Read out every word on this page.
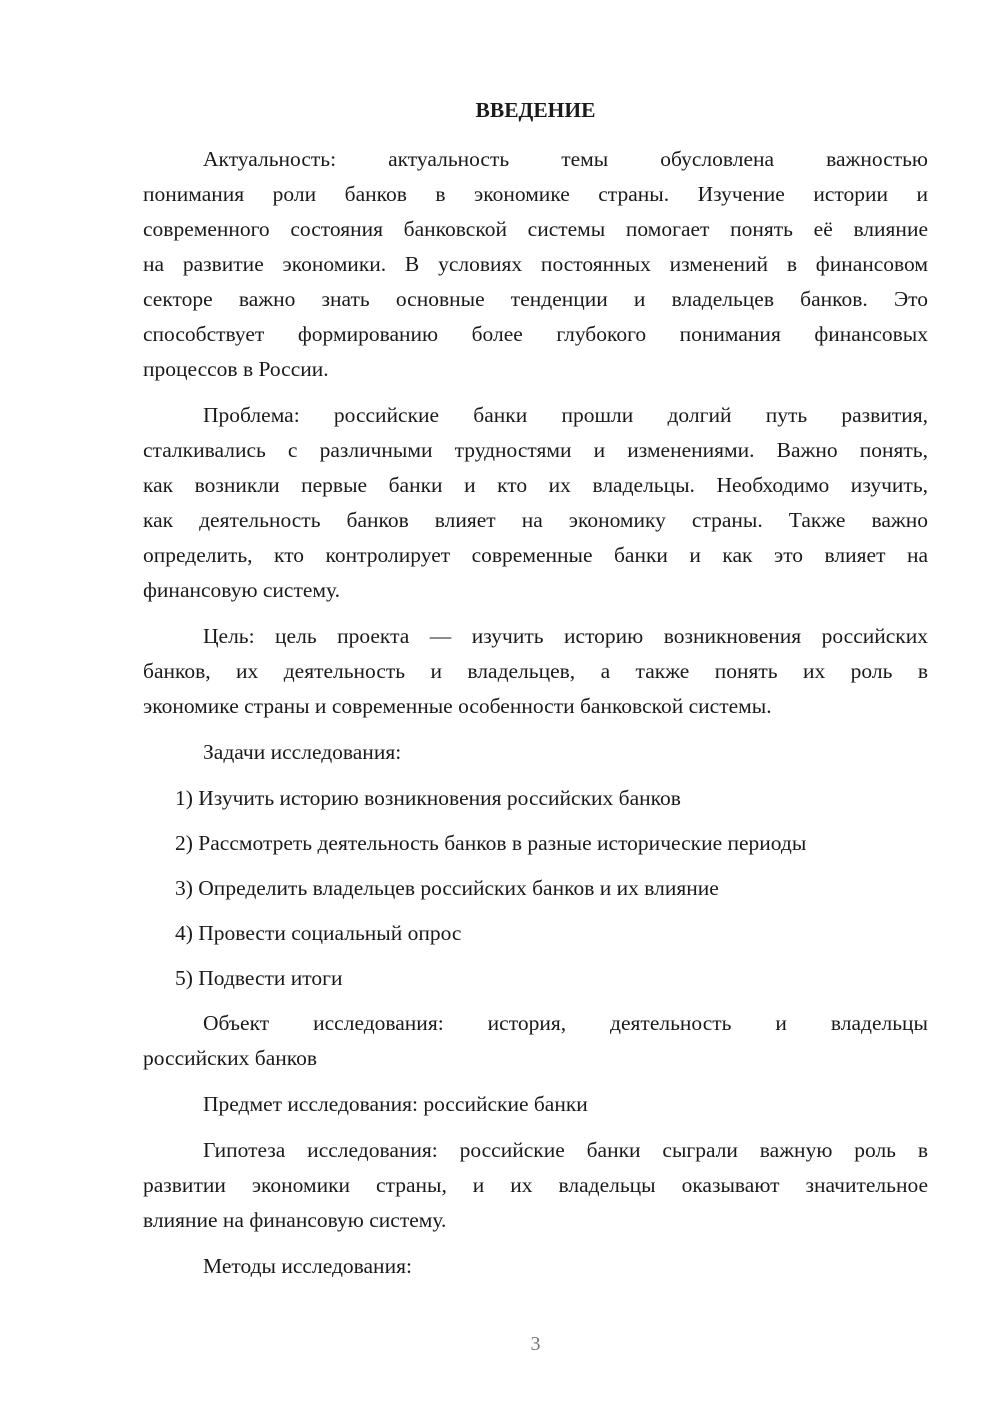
ВВЕДЕНИЕ
Актуальность: актуальность темы обусловлена важностью
понимания роли банков в экономике страны. Изучение истории и
современного состояния банковской системы помогает понять её влияние
на развитие экономики. В условиях постоянных изменений в финансовом
секторе важно знать основные тенденции и владельцев банков. Это
способствует формированию более глубокого понимания финансовых
процессов в России.
Проблема: российские банки прошли долгий путь развития,
сталкивались с различными трудностями и изменениями. Важно понять,
как возникли первые банки и кто их владельцы. Необходимо изучить,
как деятельность банков влияет на экономику страны. Также важно
определить, кто контролирует современные банки и как это влияет на
финансовую систему.
Цель: цель проекта — изучить историю возникновения российских
банков, их деятельность и владельцев, а также понять их роль в
экономике страны и современные особенности банковской системы.
Задачи исследования:
1) Изучить историю возникновения российских банков
2) Рассмотреть деятельность банков в разные исторические периоды
3) Определить владельцев российских банков и их влияние
4) Провести социальный опрос
5) Подвести итоги
Объект исследования: история, деятельность и владельцы
российских банков
Предмет исследования: российские банки
Гипотеза исследования: российские банки сыграли важную роль в
развитии экономики страны, и их владельцы оказывают значительное
влияние на финансовую систему.
Методы исследования:
3
